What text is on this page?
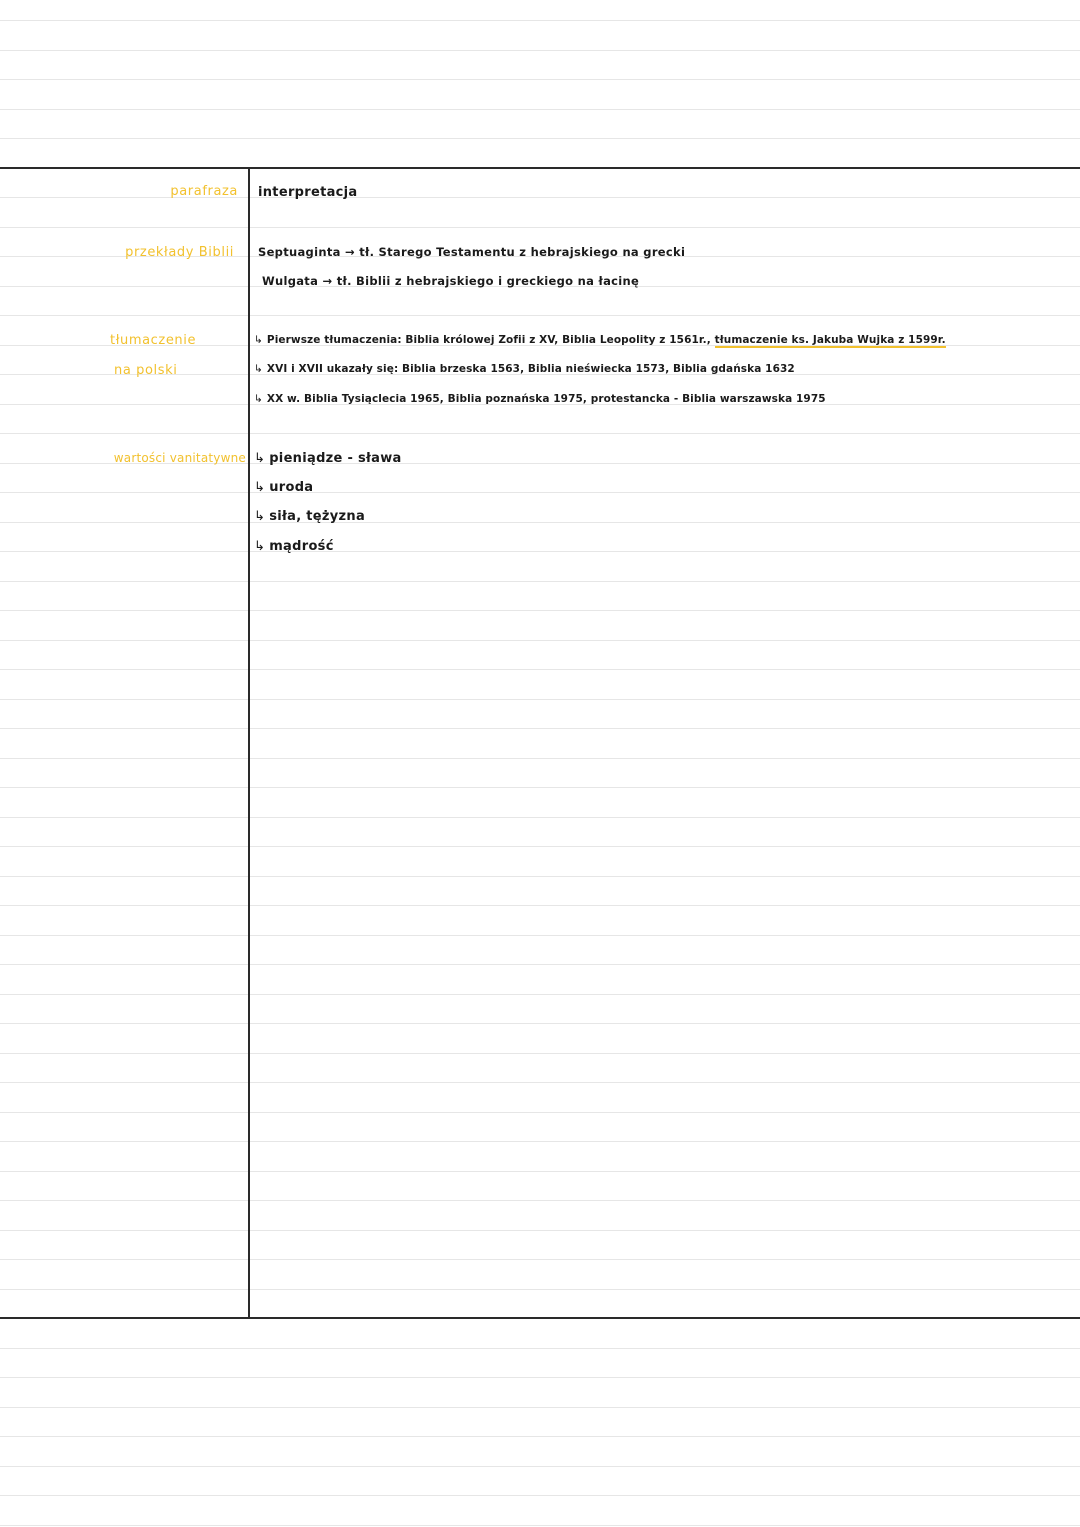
parafraza interpretacja
przekłady Biblii Septuaginta → tł. Starego Testamentu z hebrajskiego na grecki
Wulgata → tł. Biblii z hebrajskiego i greckiego na łacinę
tłumaczenie
na polski
↳ Pierwsze tłumaczenia: Biblia królowej Zofii z XV, Biblia Leopolity z 1561r., tłumaczenie ks. Jakuba Wujka z 1599r.
↳ XVI i XVII ukazały się: Biblia brzeska 1563, Biblia nieświecka 1573, Biblia gdańska 1632
↳ XX w. Biblia Tysiąclecia 1965, Biblia poznańska 1975, protestancka - Biblia warszawska 1975
wartości vanitatywne ↳ pieniądze - sława
↳ uroda
↳ siła, tężyzna
↳ mądrość
